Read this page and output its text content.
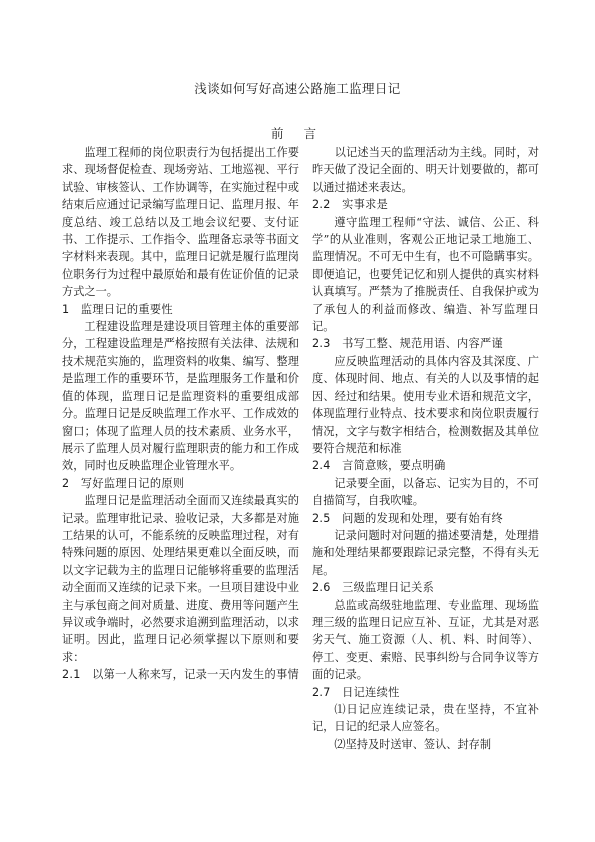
浅谈如何写好高速公路施工监理日记
前 言

监理工程师的岗位职责行为包括提出工作要求、现场督促检查、现场旁站、工地巡视、平行试验、审核签认、工作协调等，在实施过程中或结束后应通过记录编写监理日记、监理月报、年度总结、竣工总结以及工地会议纪要、支付证书、工作提示、工作指令、监理备忘录等书面文字材料来表现。其中，监理日记就是履行监理岗位职务行为过程中最原始和最有佐证价值的记录方式之一。

1　监理日记的重要性

工程建设监理是建设项目管理主体的重要部分，工程建设监理是严格按照有关法律、法规和技术规范实施的，监理资料的收集、编写、整理是监理工作的重要环节，是监理服务工作量和价值的体现，监理日记是监理资料的重要组成部分。监理日记是反映监理工作水平、工作成效的窗口；体现了监理人员的技术素质、业务水平，展示了监理人员对履行监理职责的能力和工作成效，同时也反映监理企业管理水平。

2　写好监理日记的原则

监理日记是监理活动全面而又连续最真实的记录。监理审批记录、验收记录，大多都是对施工结果的认可，不能系统的反映监理过程，对有特殊问题的原因、处理结果更难以全面反映，而以文字记载为主的监理日记能够将重要的监理活动全面而又连续的记录下来。一旦项目建设中业主与承包商之间对质量、进度、费用等问题产生异议或争端时，必然要求追溯到监理活动，以求证明。因此，监理日记必须掌握以下原则和要求：

2.1　以第一人称来写，记录一天内发生的事情

　　以记述当天的监理活动为主线。同时，对昨天做了没记全面的、明天计划要做的，都可以通过描述来表达。

2.2　实事求是

遵守监理工程师“守法、诚信、公正、科学”的从业准则，客观公正地记录工地施工、监理情况。不可无中生有，也不可隐瞒事实。即便追记，也要凭记忆和别人提供的真实材料认真填写。严禁为了推脱责任、自我保护或为了承包人的利益而修改、编造、补写监理日记。

2.3　书写工整、规范用语、内容严谨

应反映监理活动的具体内容及其深度、广度、体现时间、地点、有关的人以及事情的起因、经过和结果。使用专业术语和规范文字，体现监理行业特点、技术要求和岗位职责履行情况，文字与数字相结合，检测数据及其单位要符合规范和标准

2.4　言简意赅，要点明确

记录要全面，以备忘、记实为目的，不可自描简写，自我吹嘘。

2.5　问题的发现和处理，要有始有终

记录问题时对问题的描述要清楚，处理措施和处理结果都要跟踪记录完整，不得有头无尾。

2.6　三级监理日记关系

总监或高级驻地监理、专业监理、现场监理三级的监理日记应互补、互证，尤其是对恶劣天气、施工资源（人、机、料、时间等）、停工、变更、索赔、民事纠纷与合同争议等方面的记录。

2.7　日记连续性

⑴日记应连续记录，贵在坚持，不宜补记，日记的纪录人应签名。

⑵坚持及时送审、签认、封存制
